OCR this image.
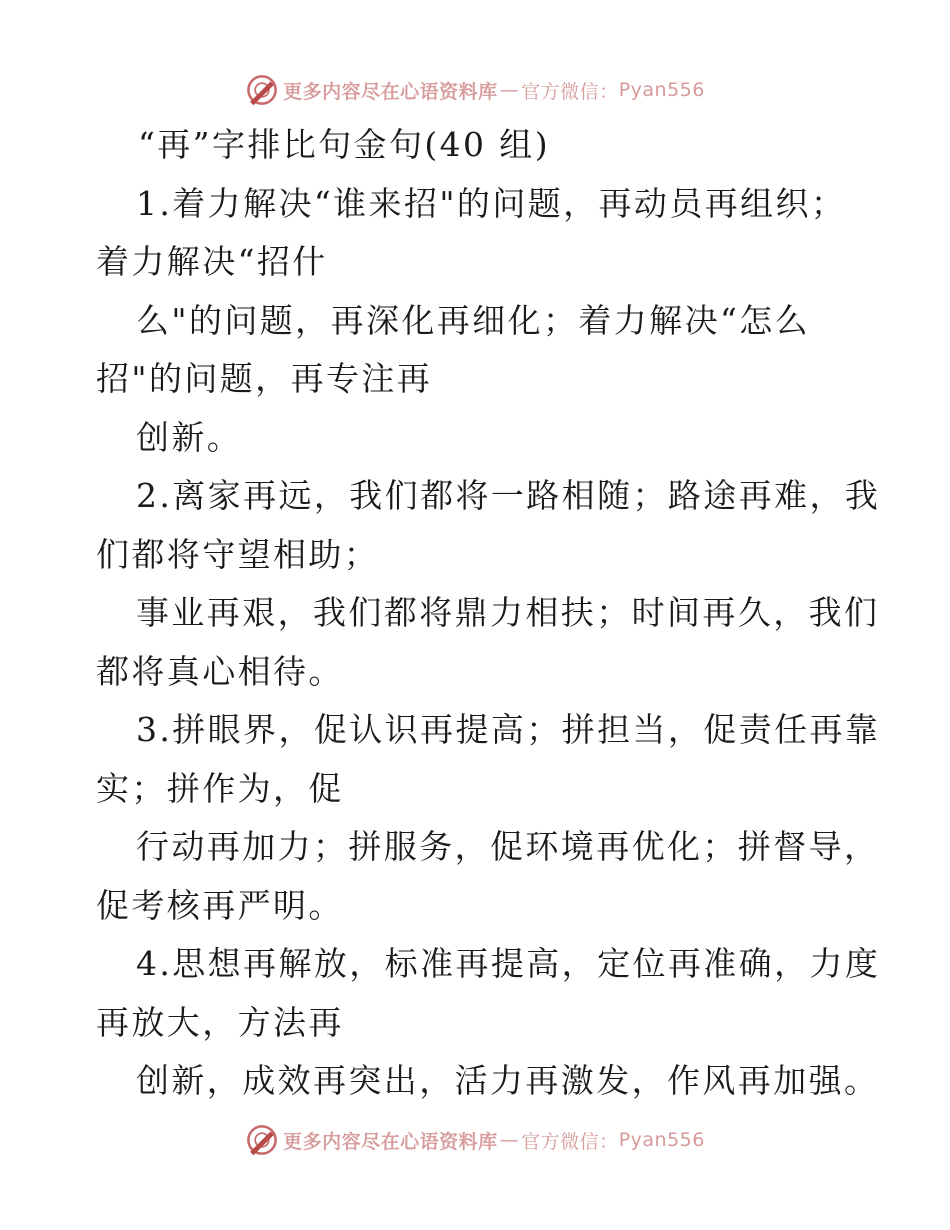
更多内容尽在心语资料库 — 官方微信： Pyan556
“再”字排比句金句(40 组)
1.着力解决“谁来招"的问题，再动员再组织；
着力解决“招什
么"的问题，再深化再细化；着力解决“怎么
招"的问题，再专注再
创新。
2.离家再远，我们都将一路相随；路途再难，我
们都将守望相助；
事业再艰，我们都将鼎力相扶；时间再久，我们
都将真心相待。
3.拼眼界，促认识再提高；拼担当，促责任再靠
实；拼作为，促
行动再加力；拼服务，促环境再优化；拼督导，
促考核再严明。
4.思想再解放，标准再提高，定位再准确，力度
再放大，方法再
创新，成效再突出，活力再激发，作风再加强。
更多内容尽在心语资料库 — 官方微信： Pyan556
